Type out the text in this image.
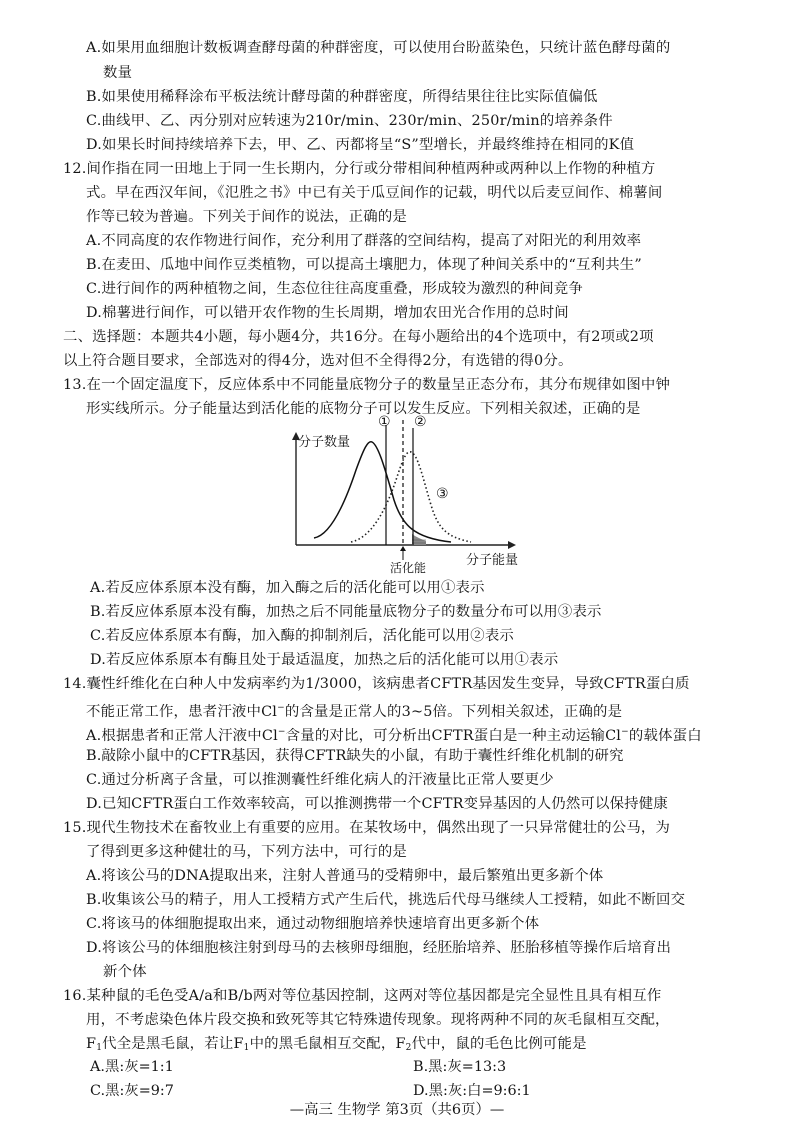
A.如果用血细胞计数板调查酵母菌的种群密度，可以使用台盼蓝染色，只统计蓝色酵母菌的
数量
B.如果使用稀释涂布平板法统计酵母菌的种群密度，所得结果往往比实际值偏低
C.曲线甲、乙、丙分别对应转速为210r/min、230r/min、250r/min的培养条件
D.如果长时间持续培养下去，甲、乙、丙都将呈“S”型增长，并最终维持在相同的K值
12.间作指在同一田地上于同一生长期内，分行或分带相间种植两种或两种以上作物的种植方
式。早在西汉年间，《氾胜之书》中已有关于瓜豆间作的记载，明代以后麦豆间作、棉薯间
作等已较为普遍。下列关于间作的说法，正确的是
A.不同高度的农作物进行间作，充分利用了群落的空间结构，提高了对阳光的利用效率
B.在麦田、瓜地中间作豆类植物，可以提高土壤肥力，体现了种间关系中的“互利共生”
C.进行间作的两种植物之间，生态位往往高度重叠，形成较为激烈的种间竞争
D.棉薯进行间作，可以错开农作物的生长周期，增加农田光合作用的总时间
二、选择题：本题共4小题，每小题4分，共16分。在每小题给出的4个选项中，有2项或2项
以上符合题目要求，全部选对的得4分，选对但不全得得2分，有选错的得0分。
13.在一个固定温度下，反应体系中不同能量底物分子的数量呈正态分布，其分布规律如图中钟
形实线所示。分子能量达到活化能的底物分子可以发生反应。下列相关叙述，正确的是
分子数量
分子能量
活化能
① ②
③
A.若反应体系原本没有酶，加入酶之后的活化能可以用①表示
B.若反应体系原本没有酶，加热之后不同能量底物分子的数量分布可以用③表示
C.若反应体系原本有酶，加入酶的抑制剂后，活化能可以用②表示
D.若反应体系原本有酶且处于最适温度，加热之后的活化能可以用①表示
14.囊性纤维化在白种人中发病率约为1/3000，该病患者CFTR基因发生变异，导致CFTR蛋白质
不能正常工作，患者汗液中Cl−的含量是正常人的3~5倍。下列相关叙述，正确的是
A.根据患者和正常人汗液中Cl−含量的对比，可分析出CFTR蛋白是一种主动运输Cl−的载体蛋白
B.敲除小鼠中的CFTR基因，获得CFTR缺失的小鼠，有助于囊性纤维化机制的研究
C.通过分析离子含量，可以推测囊性纤维化病人的汗液量比正常人要更少
D.已知CFTR蛋白工作效率较高，可以推测携带一个CFTR变异基因的人仍然可以保持健康
15.现代生物技术在畜牧业上有重要的应用。在某牧场中，偶然出现了一只异常健壮的公马，为
了得到更多这种健壮的马，下列方法中，可行的是
A.将该公马的DNA提取出来，注射人普通马的受精卵中，最后繁殖出更多新个体
B.收集该公马的精子，用人工授精方式产生后代，挑选后代母马继续人工授精，如此不断回交
C.将该马的体细胞提取出来，通过动物细胞培养快速培育出更多新个体
D.将该公马的体细胞核注射到母马的去核卵母细胞，经胚胎培养、胚胎移植等操作后培育出
新个体
16.某种鼠的毛色受A/a和B/b两对等位基因控制，这两对等位基因都是完全显性且具有相互作
用，不考虑染色体片段交换和致死等其它特殊遗传现象。现将两种不同的灰毛鼠相互交配，
$F_1$代全是黑毛鼠，若让$F_1$中的黑毛鼠相互交配，$F_2$代中，鼠的毛色比例可能是
A.黑:灰=1:1	B.黑:灰=13:3
C.黑:灰=9:7	D.黑:灰:白=9:6:1
—高三 生物学 第3页（共6页）—
